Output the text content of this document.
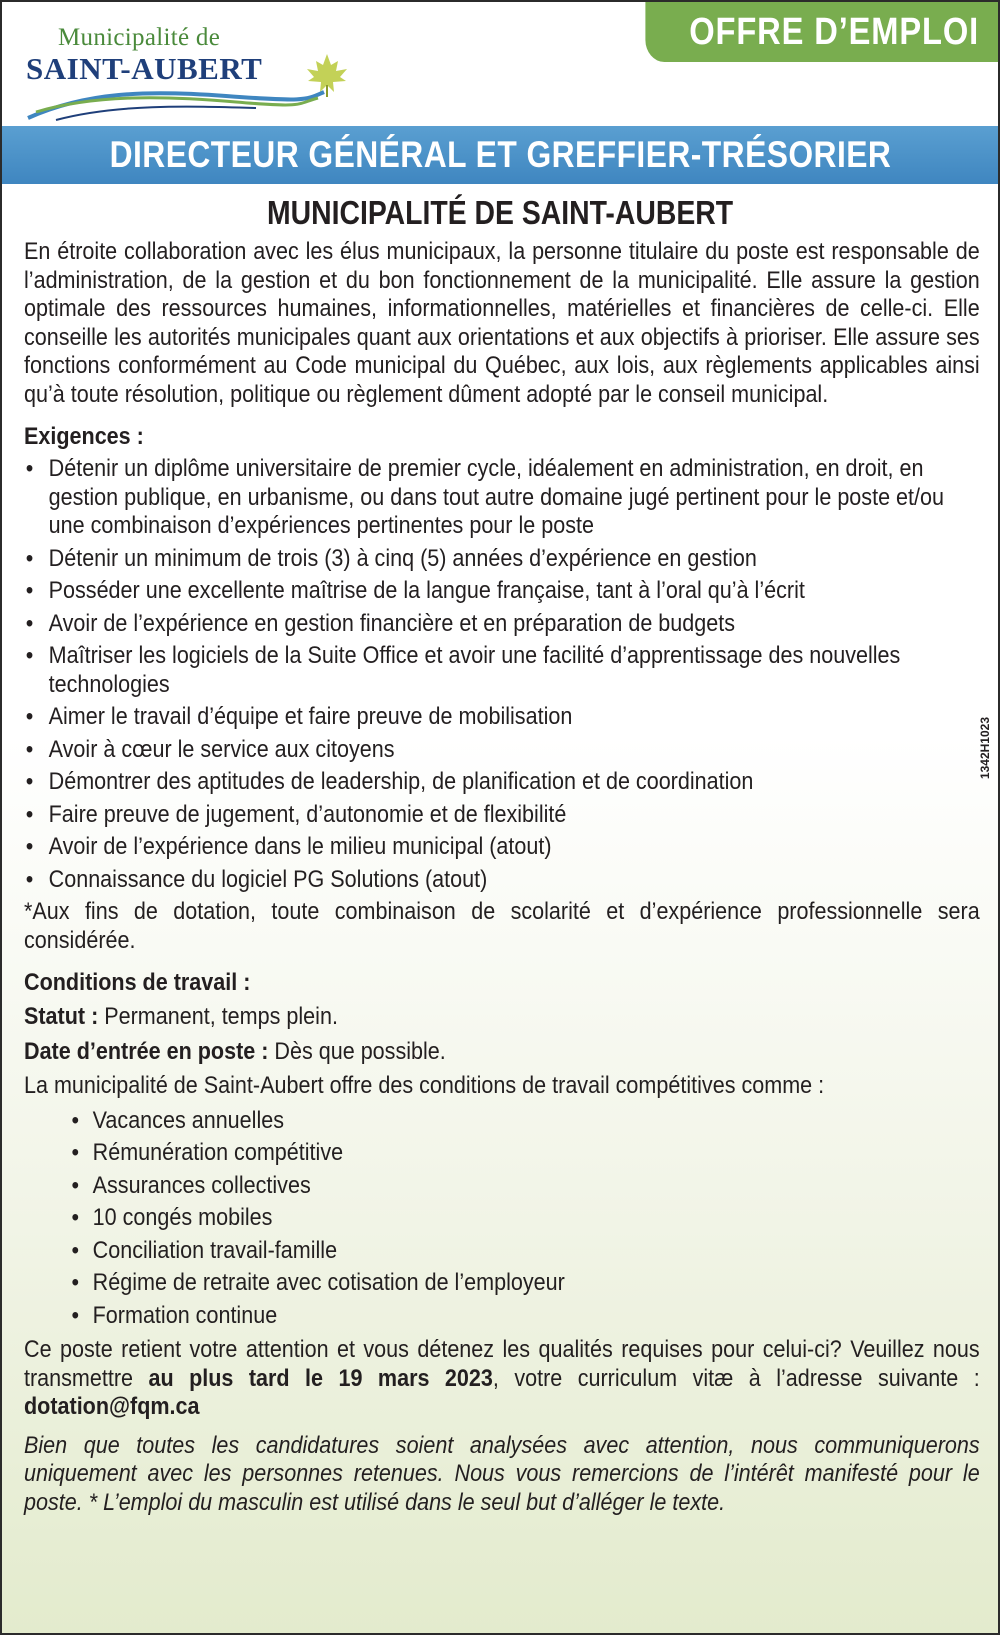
Municipalité de
SAINT-AUBERT
OFFRE D’EMPLOI
DIRECTEUR GÉNÉRAL ET GREFFIER-TRÉSORIER
MUNICIPALITÉ DE SAINT-AUBERT

En étroite collaboration avec les élus municipaux, la personne titulaire du poste est responsable de l’administration, de la gestion et du bon fonctionnement de la municipalité. Elle assure la gestion optimale des ressources humaines, informationnelles, matérielles et financières de celle-ci. Elle conseille les autorités municipales quant aux orientations et aux objectifs à prioriser. Elle assure ses fonctions conformément au Code municipal du Québec, aux lois, aux règlements applicables ainsi qu’à toute résolution, politique ou règlement dûment adopté par le conseil municipal.

Exigences :
• Détenir un diplôme universitaire de premier cycle, idéalement en administration, en droit, en gestion publique, en urbanisme, ou dans tout autre domaine jugé pertinent pour le poste et/ou une combinaison d’expériences pertinentes pour le poste
• Détenir un minimum de trois (3) à cinq (5) années d’expérience en gestion
• Posséder une excellente maîtrise de la langue française, tant à l’oral qu’à l’écrit
• Avoir de l’expérience en gestion financière et en préparation de budgets
• Maîtriser les logiciels de la Suite Office et avoir une facilité d’apprentissage des nouvelles technologies
• Aimer le travail d’équipe et faire preuve de mobilisation
• Avoir à cœur le service aux citoyens
• Démontrer des aptitudes de leadership, de planification et de coordination
• Faire preuve de jugement, d’autonomie et de flexibilité
• Avoir de l’expérience dans le milieu municipal (atout)
• Connaissance du logiciel PG Solutions (atout)

*Aux fins de dotation, toute combinaison de scolarité et d’expérience professionnelle sera considérée.

Conditions de travail :
Statut : Permanent, temps plein.
Date d’entrée en poste : Dès que possible.
La municipalité de Saint-Aubert offre des conditions de travail compétitives comme :
• Vacances annuelles
• Rémunération compétitive
• Assurances collectives
• 10 congés mobiles
• Conciliation travail-famille
• Régime de retraite avec cotisation de l’employeur
• Formation continue

Ce poste retient votre attention et vous détenez les qualités requises pour celui-ci? Veuillez nous transmettre au plus tard le 19 mars 2023, votre curriculum vitæ à l’adresse suivante : dotation@fqm.ca

Bien que toutes les candidatures soient analysées avec attention, nous communiquerons uniquement avec les personnes retenues. Nous vous remercions de l’intérêt manifesté pour le poste. * L’emploi du masculin est utilisé dans le seul but d’alléger le texte.

1342H1023
